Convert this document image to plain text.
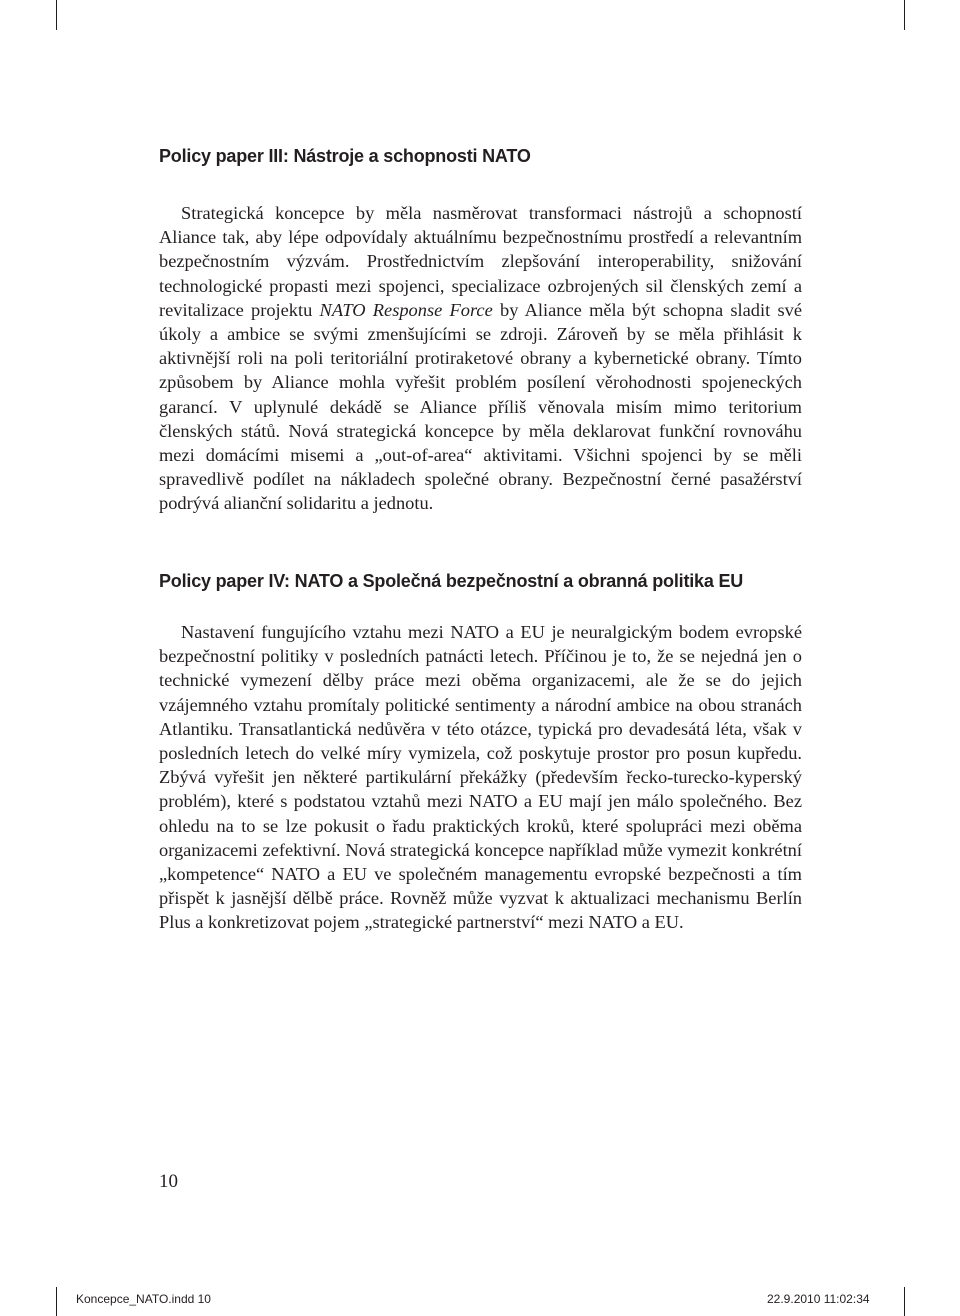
Policy paper III: Nástroje a schopnosti NATO

Strategická koncepce by měla nasměrovat transformaci nástrojů a schopností Aliance tak, aby lépe odpovídaly aktuálnímu bezpečnostnímu prostředí a relevantním bezpečnostním výzvám. Prostřednictvím zlepšování interoperability, snižování technologické propasti mezi spojenci, specializace ozbrojených sil členských zemí a revitalizace projektu NATO Response Force by Aliance měla být schopna sladit své úkoly a ambice se svými zmenšujícími se zdroji. Zároveň by se měla přihlásit k aktivnější roli na poli teritoriální protiraketové obrany a kybernetické obrany. Tímto způsobem by Aliance mohla vyřešit problém posílení věrohodnosti spojeneckých garancí. V uplynulé dekádě se Aliance příliš věnovala misím mimo teritorium členských států. Nová strategická koncepce by měla deklarovat funkční rovnováhu mezi domácími misemi a „out-of-area“ aktivitami. Všichni spojenci by se měli spravedlivě podílet na nákladech společné obrany. Bezpečnostní černé pasažérství podrývá alianční solidaritu a jednotu.

Policy paper IV: NATO a Společná bezpečnostní a obranná politika EU

Nastavení fungujícího vztahu mezi NATO a EU je neuralgickým bodem evropské bezpečnostní politiky v posledních patnácti letech. Příčinou je to, že se nejedná jen o technické vymezení dělby práce mezi oběma organizacemi, ale že se do jejich vzájemného vztahu promítaly politické sentimenty a národní ambice na obou stranách Atlantiku. Transatlantická nedůvěra v této otázce, typická pro devadesátá léta, však v posledních letech do velké míry vymizela, což poskytuje prostor pro posun kupředu. Zbývá vyřešit jen některé partikulární překážky (především řecko-turecko-kyperský problém), které s podstatou vztahů mezi NATO a EU mají jen málo společného. Bez ohledu na to se lze pokusit o řadu praktických kroků, které spolupráci mezi oběma organizacemi zefektivní. Nová strategická koncepce například může vymezit konkrétní „kompetence“ NATO a EU ve společném managementu evropské bezpečnosti a tím přispět k jasnější dělbě práce. Rovněž může vyzvat k aktualizaci mechanismu Berlín Plus a konkretizovat pojem „strategické partnerství“ mezi NATO a EU.

10
Koncepce_NATO.indd 10	22.9.2010 11:02:34
